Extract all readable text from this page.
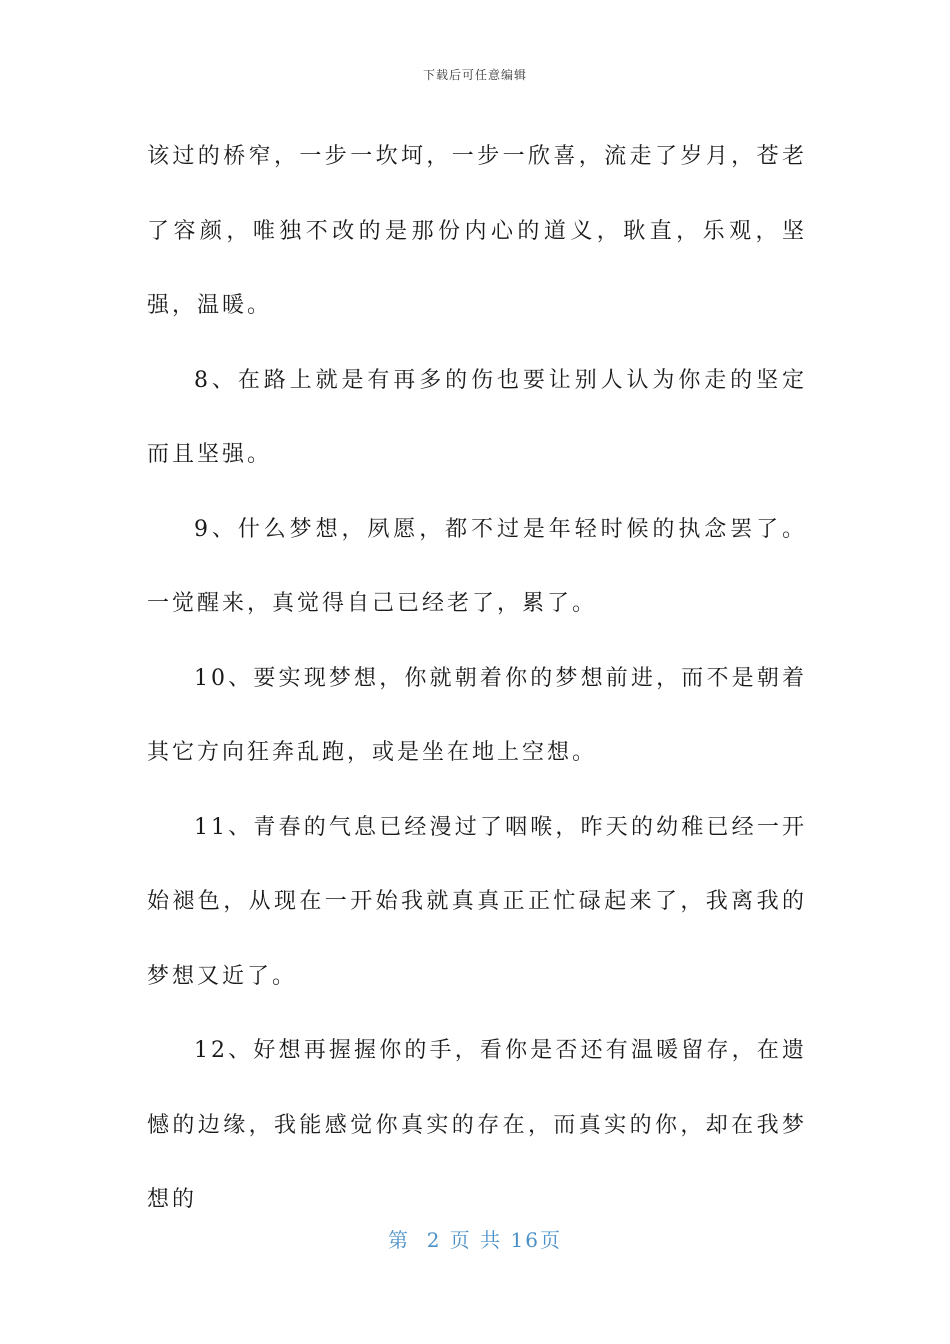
下载后可任意编辑

该过的桥窄，一步一坎坷，一步一欣喜，流走了岁月，苍老了容颜，唯独不改的是那份内心的道义，耿直，乐观，坚强，温暖。

8、在路上就是有再多的伤也要让别人认为你走的坚定而且坚强。

9、什么梦想，夙愿，都不过是年轻时候的执念罢了。一觉醒来，真觉得自己已经老了，累了。

10、要实现梦想，你就朝着你的梦想前进，而不是朝着其它方向狂奔乱跑，或是坐在地上空想。

11、青春的气息已经漫过了咽喉，昨天的幼稚已经一开始褪色，从现在一开始我就真真正正忙碌起来了，我离我的梦想又近了。

12、好想再握握你的手，看你是否还有温暖留存，在遗憾的边缘，我能感觉你真实的存在，而真实的你，却在我梦想的

第  2 页 共 16页
